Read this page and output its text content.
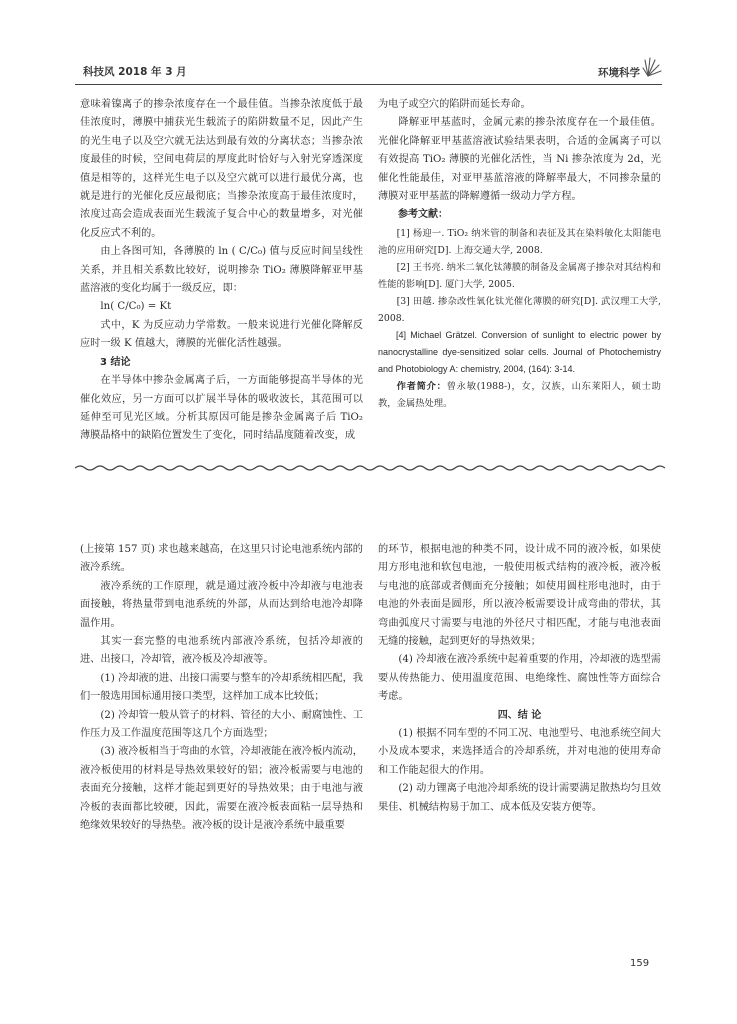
科技风 2018 年 3 月	环境科学

意味着镍离子的掺杂浓度存在一个最佳值。当掺杂浓度低于最佳浓度时，薄膜中捕获光生载流子的陷阱数量不足，因此产生的光生电子以及空穴就无法达到最有效的分离状态；当掺杂浓度最佳的时候，空间电荷层的厚度此时恰好与入射光穿透深度值是相等的，这样光生电子以及空穴就可以进行最优分离，也就是进行的光催化反应最彻底；当掺杂浓度高于最佳浓度时，浓度过高会造成表面光生载流子复合中心的数量增多，对光催化反应式不利的。

由上各图可知，各薄膜的 ln ( C/C₀) 值与反应时间呈线性关系，并且相关系数比较好，说明掺杂 TiO₂ 薄膜降解亚甲基蓝溶液的变化均属于一级反应，即：

ln( C/C₀) = Kt

式中，K 为反应动力学常数。一般来说进行光催化降解反应时一级 K 值越大，薄膜的光催化活性越强。

3 结论

在半导体中掺杂金属离子后，一方面能够提高半导体的光催化效应，另一方面可以扩展半导体的吸收波长，其范围可以延伸至可见光区域。分析其原因可能是掺杂金属离子后 TiO₂ 薄膜晶格中的缺陷位置发生了变化，同时结晶度随着改变，成

为电子或空穴的陷阱而延长寿命。

降解亚甲基蓝时，金属元素的掺杂浓度存在一个最佳值。光催化降解亚甲基蓝溶液试验结果表明，合适的金属离子可以有效提高 TiO₂ 薄膜的光催化活性，当 Ni 掺杂浓度为 2d，光催化性能最佳，对亚甲基蓝溶液的降解率最大，不同掺杂量的薄膜对亚甲基蓝的降解遵循一级动力学方程。

参考文献：

[1] 杨迎一. TiO₂ 纳米管的制备和表征及其在染料敏化太阳能电池的应用研究[D]. 上海交通大学, 2008.

[2] 王书亮. 纳米二氧化钛薄膜的制备及金属离子掺杂对其结构和性能的影响[D]. 厦门大学, 2005.

[3] 田越. 掺杂改性氧化钛光催化薄膜的研究[D]. 武汉理工大学, 2008.

[4] Michael Grätzel. Conversion of sunlight to electric power by nanocrystalline dye-sensitized solar cells. Journal of Photochemistry and Photobiology A: chemistry, 2004, (164): 3-14.

作者简介：曾永敏(1988-)，女，汉族，山东莱阳人，硕士助教，金属热处理。

(上接第 157 页) 求也越来越高，在这里只讨论电池系统内部的液冷系统。

液冷系统的工作原理，就是通过液冷板中冷却液与电池表面接触，将热量带到电池系统的外部，从而达到给电池冷却降温作用。

其实一套完整的电池系统内部液冷系统，包括冷却液的进、出接口，冷却管，液冷板及冷却液等。

(1) 冷却液的进、出接口需要与整车的冷却系统相匹配，我们一般选用国标通用接口类型，这样加工成本比较低；

(2) 冷却管一般从管子的材料、管径的大小、耐腐蚀性、工作压力及工作温度范围等这几个方面选型；

(3) 液冷板相当于弯曲的水管，冷却液能在液冷板内流动，液冷板使用的材料是导热效果较好的铝；液冷板需要与电池的表面充分接触，这样才能起到更好的导热效果；由于电池与液冷板的表面都比较硬，因此，需要在液冷板表面粘一层导热和绝缘效果较好的导热垫。液冷板的设计是液冷系统中最重要

的环节，根据电池的种类不同，设计成不同的液冷板，如果使用方形电池和软包电池，一般使用板式结构的液冷板，液冷板与电池的底部或者侧面充分接触；如使用圆柱形电池时，由于电池的外表面是圆形，所以液冷板需要设计成弯曲的带状，其弯曲弧度尺寸需要与电池的外径尺寸相匹配，才能与电池表面无缝的接触，起到更好的导热效果；

(4) 冷却液在液冷系统中起着重要的作用，冷却液的选型需要从传热能力、使用温度范围、电绝缘性、腐蚀性等方面综合考虑。

四、结 论

(1) 根据不同车型的不同工况、电池型号、电池系统空间大小及成本要求，来选择适合的冷却系统，并对电池的使用寿命和工作能起很大的作用。

(2) 动力锂离子电池冷却系统的设计需要满足散热均匀且效果佳、机械结构易于加工、成本低及安装方便等。

159
